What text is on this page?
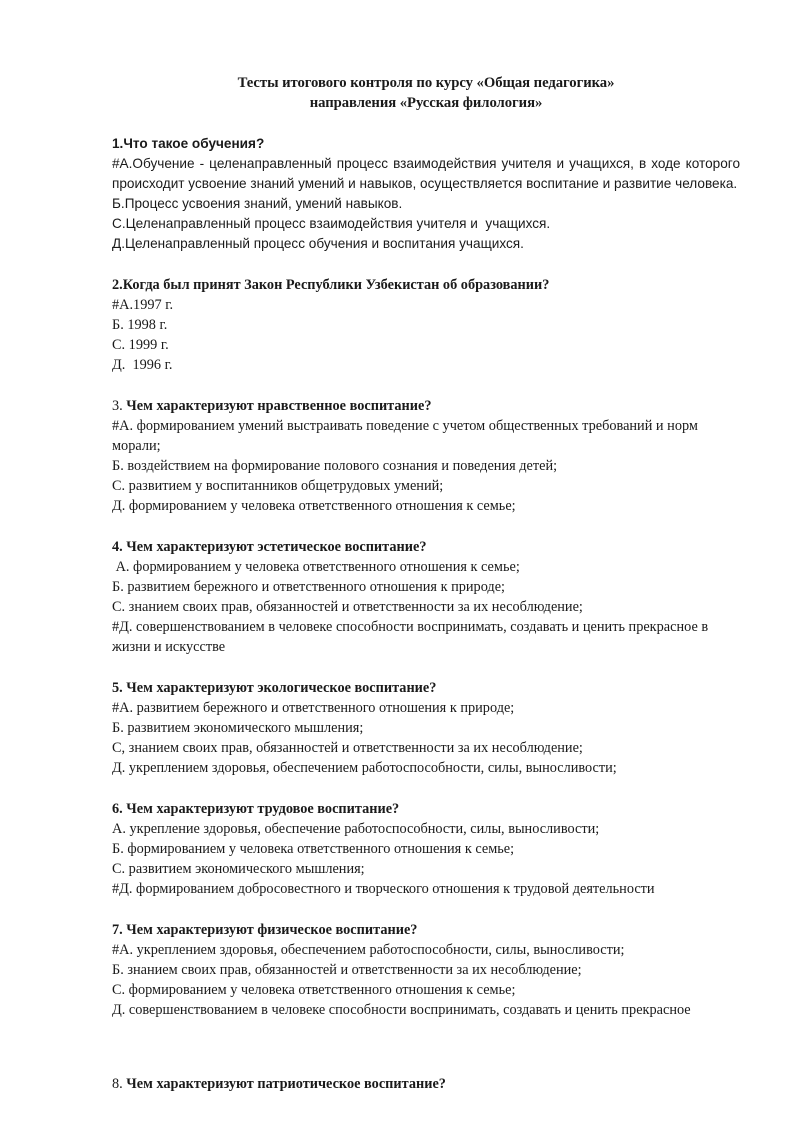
Тесты итогового контроля по курсу «Общая педагогика»
направления «Русская филология»

1.Что такое обучения?

#А.Обучение - целенаправленный процесс взаимодействия учителя и учащихся, в ходе которого происходит усвоение знаний умений и навыков, осуществляется воспитание и развитие человека.

Б.Процесс усвоения знаний, умений навыков.

С.Целенаправленный процесс взаимодействия учителя и  учащихся.

Д.Целенаправленный процесс обучения и воспитания учащихся.

2.Когда был принят Закон Республики Узбекистан об образовании?

#А.1997 г.

Б. 1998 г.

С. 1999 г.

Д.  1996 г.

3. Чем характеризуют нравственное воспитание?

#А. формированием умений выстраивать поведение с учетом общественных требований и норм морали;

Б. воздействием на формирование полового сознания и поведения детей;

С. развитием у воспитанников общетрудовых умений;

Д. формированием у человека ответственного отношения к семье;

4. Чем характеризуют эстетическое воспитание?

А. формированием у человека ответственного отношения к семье;

Б. развитием бережного и ответственного отношения к природе;

С. знанием своих прав, обязанностей и ответственности за их несоблюдение;

#Д. совершенствованием в человеке способности воспринимать, создавать и ценить прекрасное в жизни и искусстве

5. Чем характеризуют экологическое воспитание?

#А. развитием бережного и ответственного отношения к природе;

Б. развитием экономического мышления;

С, знанием своих прав, обязанностей и ответственности за их несоблюдение;

Д. укреплением здоровья, обеспечением работоспособности, силы, выносливости;

6. Чем характеризуют трудовое воспитание?

А. укрепление здоровья, обеспечение работоспособности, силы, выносливости;

Б. формированием у человека ответственного отношения к семье;

С. развитием экономического мышления;

#Д. формированием добросовестного и творческого отношения к трудовой деятельности

7. Чем характеризуют физическое воспитание?

#А. укреплением здоровья, обеспечением работоспособности, силы, выносливости;

Б. знанием своих прав, обязанностей и ответственности за их несоблюдение;

С. формированием у человека ответственного отношения к семье;

Д. совершенствованием в человеке способности воспринимать, создавать и ценить прекрасное

8. Чем характеризуют патриотическое воспитание?
